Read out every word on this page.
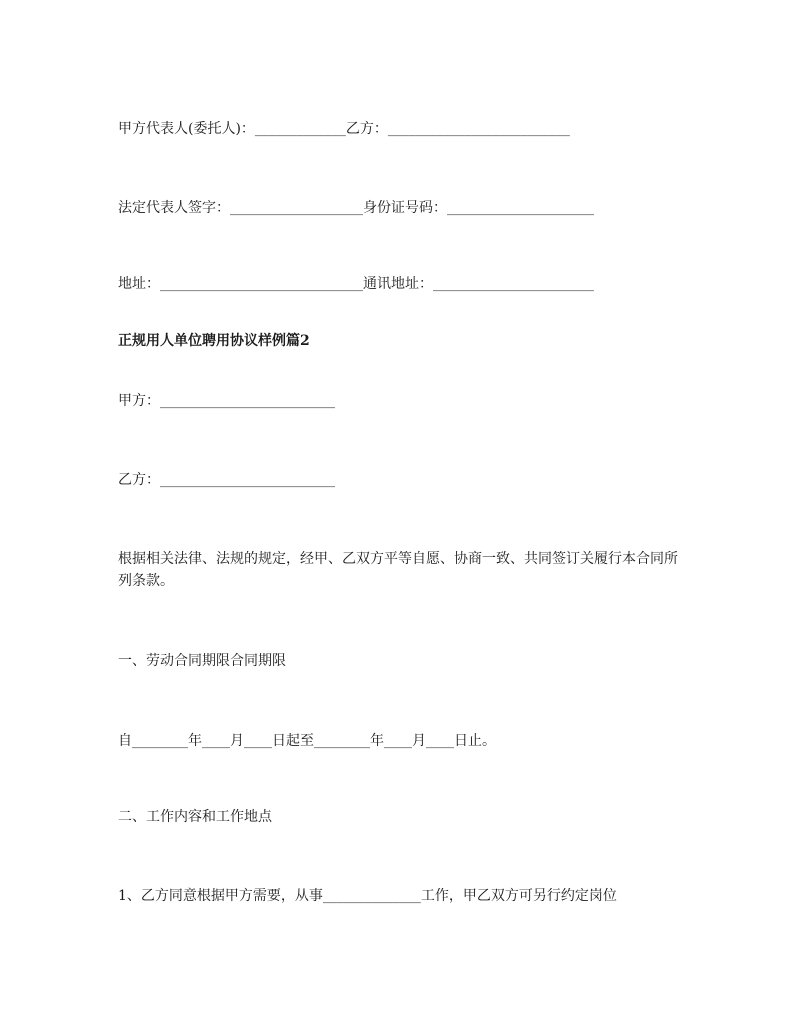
甲方代表人(委托人)：_____________乙方：__________________________
法定代表人签字：___________________身份证号码：_____________________
地址：_____________________________通讯地址：_______________________
正规用人单位聘用协议样例篇2
甲方：_________________________
乙方：_________________________
根据相关法律、法规的规定，经甲、乙双方平等自愿、协商一致、共同签订关履行本合同所列条款。
一、劳动合同期限合同期限
自________年____月____日起至________年____月____日止。
二、工作内容和工作地点
1、乙方同意根据甲方需要，从事______________工作，甲乙双方可另行约定岗位
